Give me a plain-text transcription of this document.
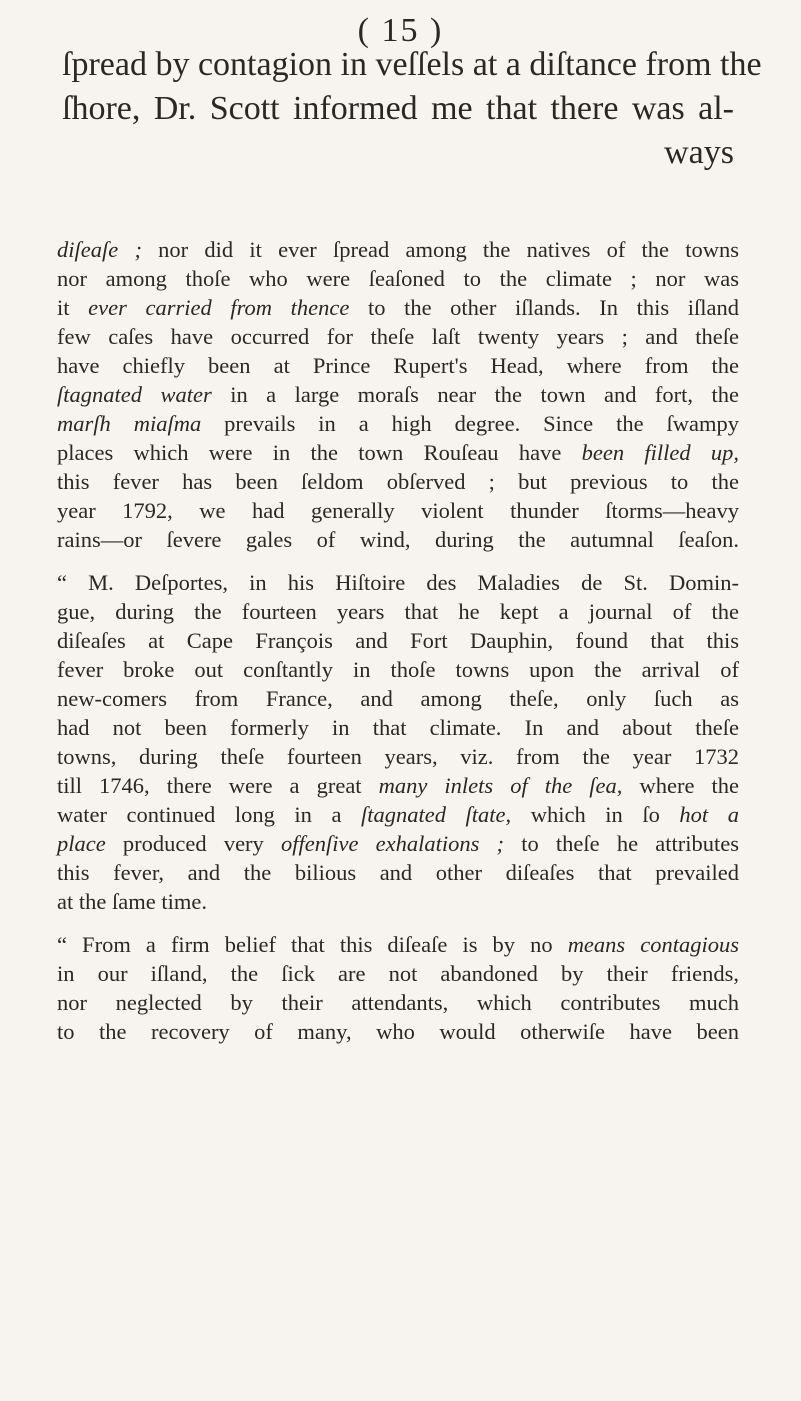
( 15 )
ſpread by contagion in veſſels at a diſtance from the
ſhore, Dr. Scott informed me that there was al-
ways
diſeaſe ; nor did it ever ſpread among the natives of the towns
nor among thoſe who were ſeaſoned to the climate ; nor was
it ever carried from thence to the other iſlands. In this iſland
few caſes have occurred for theſe laſt twenty years ; and theſe
have chiefly been at Prince Rupert's Head, where from the
ſtagnated water in a large moraſs near the town and fort, the
marſh miaſma prevails in a high degree. Since the ſwampy
places which were in the town Rouſeau have been filled up,
this fever has been ſeldom obſerved ; but previous to the
year 1792, we had generally violent thunder ſtorms—heavy
rains—or ſevere gales of wind, during the autumnal ſeaſon.
“ M. Deſportes, in his Hiſtoire des Maladies de St. Domin-
gue, during the fourteen years that he kept a journal of the
diſeaſes at Cape François and Fort Dauphin, found that this
fever broke out conſtantly in thoſe towns upon the arrival of
new-comers from France, and among theſe, only ſuch as
had not been formerly in that climate. In and about theſe
towns, during theſe fourteen years, viz. from the year 1732
till 1746, there were a great many inlets of the ſea, where the
water continued long in a ſtagnated ſtate, which in ſo hot a
place produced very offenſive exhalations ; to theſe he attributes
this fever, and the bilious and other diſeaſes that prevailed
at the ſame time.
“ From a firm belief that this diſeaſe is by no means contagious
in our iſland, the ſick are not abandoned by their friends,
nor neglected by their attendants, which contributes much
to the recovery of many, who would otherwiſe have been
